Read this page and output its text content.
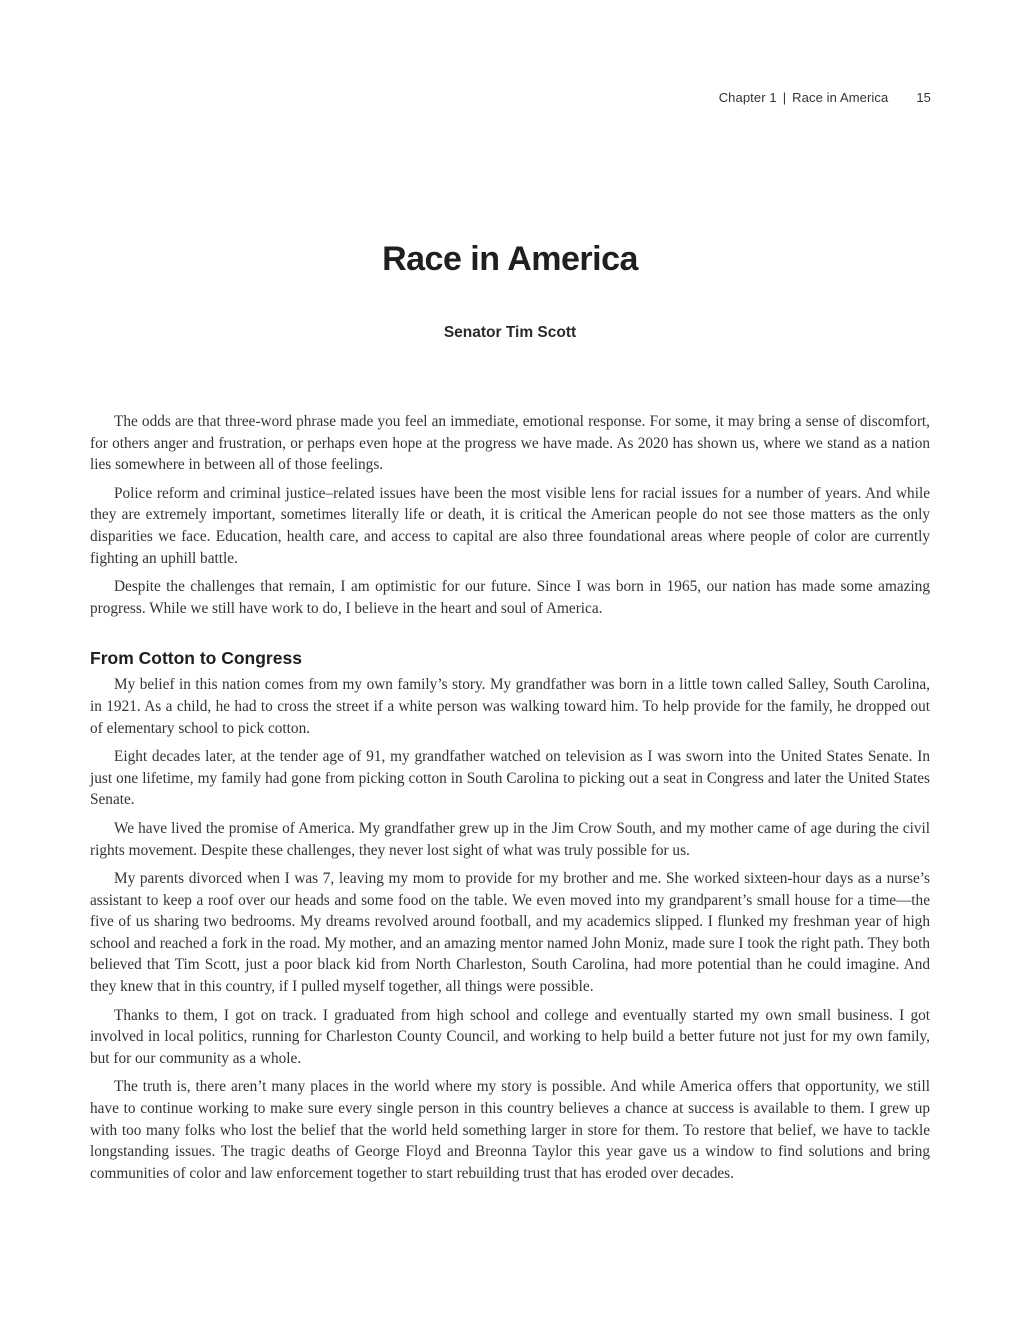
Chapter 1 | Race in America 15
Race in America
Senator Tim Scott

The odds are that three-word phrase made you feel an immediate, emotional response. For some, it may bring a sense of discomfort, for others anger and frustration, or perhaps even hope at the progress we have made. As 2020 has shown us, where we stand as a nation lies somewhere in between all of those feelings.

Police reform and criminal justice–related issues have been the most visible lens for racial issues for a number of years. And while they are extremely important, sometimes literally life or death, it is critical the American people do not see those matters as the only disparities we face. Education, health care, and access to capital are also three foundational areas where people of color are currently fighting an uphill battle.

Despite the challenges that remain, I am optimistic for our future. Since I was born in 1965, our nation has made some amazing progress. While we still have work to do, I believe in the heart and soul of America.

From Cotton to Congress

My belief in this nation comes from my own family’s story. My grandfather was born in a little town called Salley, South Carolina, in 1921. As a child, he had to cross the street if a white person was walking toward him. To help provide for the family, he dropped out of elementary school to pick cotton.

Eight decades later, at the tender age of 91, my grandfather watched on television as I was sworn into the United States Senate. In just one lifetime, my family had gone from picking cotton in South Carolina to picking out a seat in Congress and later the United States Senate.

We have lived the promise of America. My grandfather grew up in the Jim Crow South, and my mother came of age during the civil rights movement. Despite these challenges, they never lost sight of what was truly possible for us.

My parents divorced when I was 7, leaving my mom to provide for my brother and me. She worked sixteen-hour days as a nurse’s assistant to keep a roof over our heads and some food on the table. We even moved into my grandparent’s small house for a time—the five of us sharing two bedrooms. My dreams revolved around football, and my academics slipped. I flunked my freshman year of high school and reached a fork in the road. My mother, and an amazing mentor named John Moniz, made sure I took the right path. They both believed that Tim Scott, just a poor black kid from North Charleston, South Carolina, had more potential than he could imagine. And they knew that in this country, if I pulled myself together, all things were possible.

Thanks to them, I got on track. I graduated from high school and college and eventually started my own small business. I got involved in local politics, running for Charleston County Council, and working to help build a better future not just for my own family, but for our community as a whole.

The truth is, there aren’t many places in the world where my story is possible. And while America offers that opportunity, we still have to continue working to make sure every single person in this country believes a chance at success is available to them. I grew up with too many folks who lost the belief that the world held something larger in store for them. To restore that belief, we have to tackle longstanding issues. The tragic deaths of George Floyd and Breonna Taylor this year gave us a window to find solutions and bring communities of color and law enforcement together to start rebuilding trust that has eroded over decades.
